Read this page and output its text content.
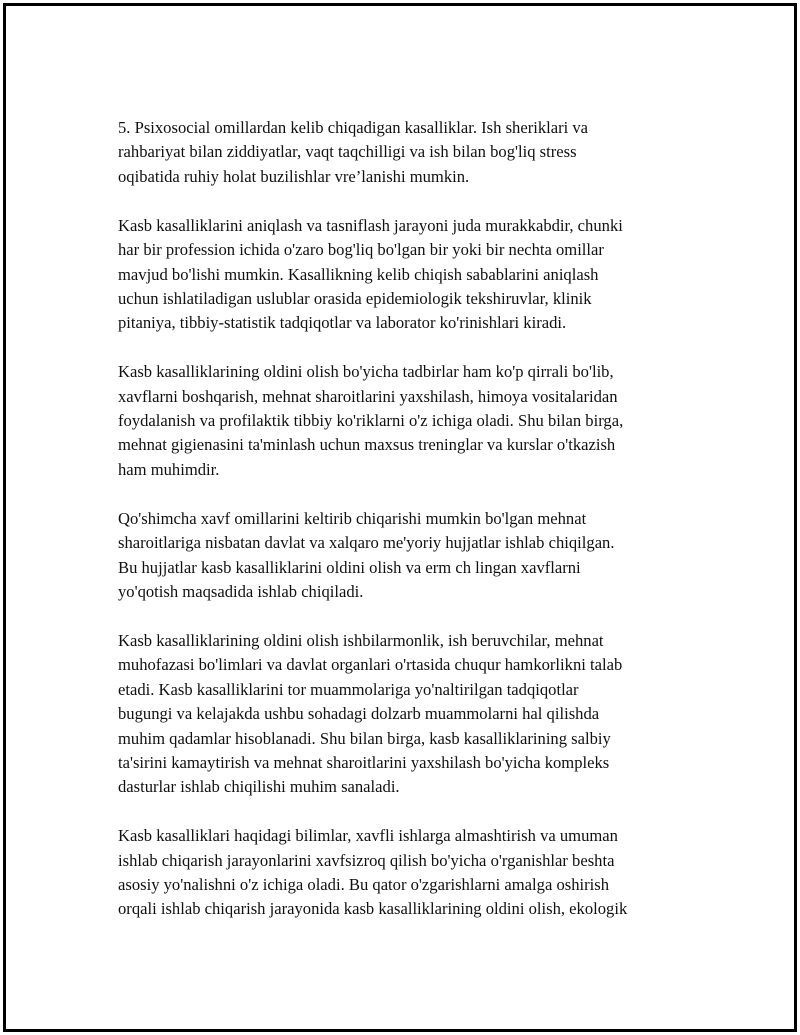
5. Psixosocial omillardan kelib chiqadigan kasalliklar. Ish sheriklari va
rahbariyat bilan ziddiyatlar, vaqt taqchilligi va ish bilan bog'liq stress
oqibatida ruhiy holat buzilishlar vre’lanishi mumkin.

Kasb kasalliklarini aniqlash va tasniflash jarayoni juda murakkabdir, chunki
har bir profession ichida o'zaro bog'liq bo'lgan bir yoki bir nechta omillar
mavjud bo'lishi mumkin. Kasallikning kelib chiqish sabablarini aniqlash
uchun ishlatiladigan uslublar orasida epidemiologik tekshiruvlar, klinik
pitaniya, tibbiy-statistik tadqiqotlar va laborator ko'rinishlari kiradi.

Kasb kasalliklarining oldini olish bo'yicha tadbirlar ham ko'p qirrali bo'lib,
xavflarni boshqarish, mehnat sharoitlarini yaxshilash, himoya vositalaridan
foydalanish va profilaktik tibbiy ko'riklarni o'z ichiga oladi. Shu bilan birga,
mehnat gigienasini ta'minlash uchun maxsus treninglar va kurslar o'tkazish
ham muhimdir.

Qo'shimcha xavf omillarini keltirib chiqarishi mumkin bo'lgan mehnat
sharoitlariga nisbatan davlat va xalqaro me'yoriy hujjatlar ishlab chiqilgan.
Bu hujjatlar kasb kasalliklarini oldini olish va erm ch lingan xavflarni
yo'qotish maqsadida ishlab chiqiladi.

Kasb kasalliklarining oldini olish ishbilarmonlik, ish beruvchilar, mehnat
muhofazasi bo'limlari va davlat organlari o'rtasida chuqur hamkorlikni talab
etadi. Kasb kasalliklarini tor muammolariga yo'naltirilgan tadqiqotlar
bugungi va kelajakda ushbu sohadagi dolzarb muammolarni hal qilishda
muhim qadamlar hisoblanadi. Shu bilan birga, kasb kasalliklarining salbiy
ta'sirini kamaytirish va mehnat sharoitlarini yaxshilash bo'yicha kompleks
dasturlar ishlab chiqilishi muhim sanaladi.

Kasb kasalliklari haqidagi bilimlar, xavfli ishlarga almashtirish va umuman
ishlab chiqarish jarayonlarini xavfsizroq qilish bo'yicha o'rganishlar beshta
asosiy yo'nalishni o'z ichiga oladi. Bu qator o'zgarishlarni amalga oshirish
orqali ishlab chiqarish jarayonida kasb kasalliklarining oldini olish, ekologik
